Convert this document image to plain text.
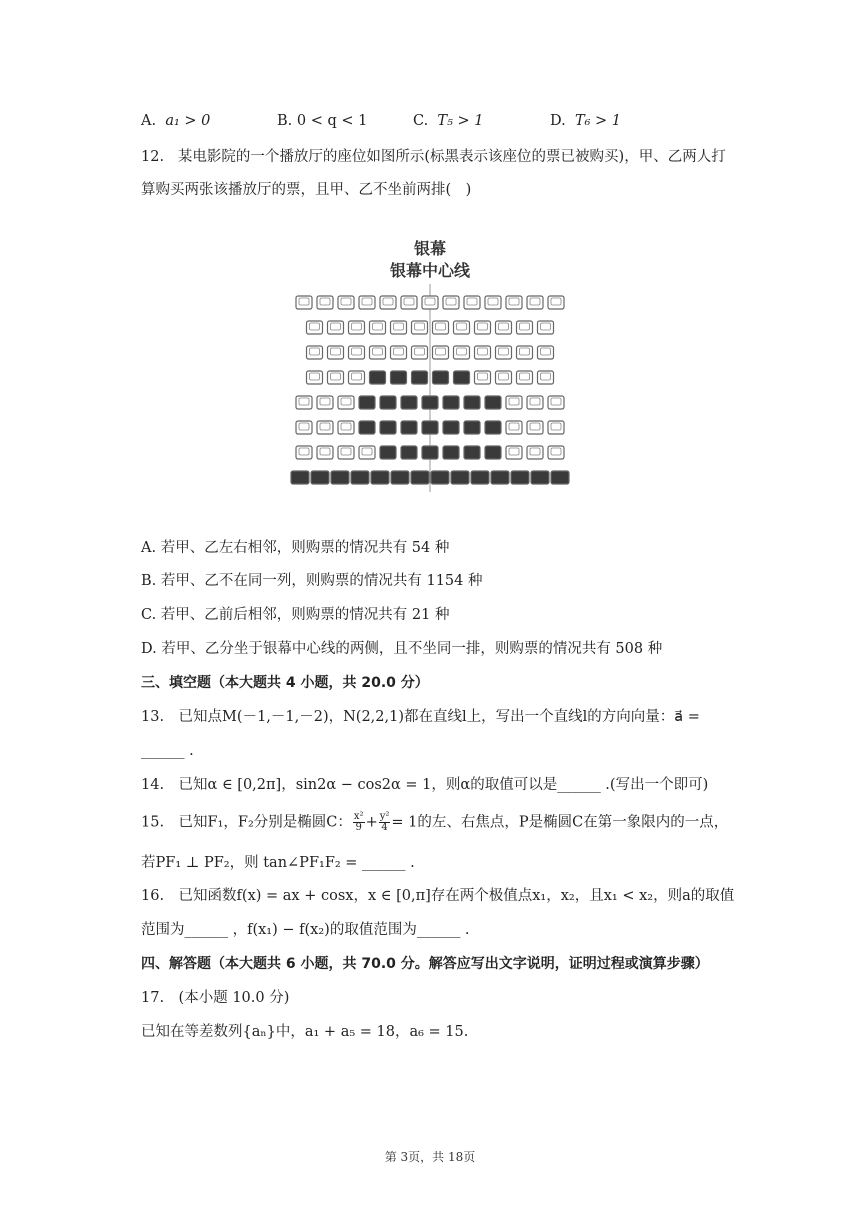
A. a₁ > 0	B. 0 < q < 1	C. T₅ > 1	D. T₆ > 1
12. 某电影院的一个播放厅的座位如图所示(标黑表示该座位的票已被购买)，甲、乙两人打
算购买两张该播放厅的票，且甲、乙不坐前两排(　)
银幕
银幕中心线
A. 若甲、乙左右相邻，则购票的情况共有 54 种
B. 若甲、乙不在同一列，则购票的情况共有 1154 种
C. 若甲、乙前后相邻，则购票的情况共有 21 种
D. 若甲、乙分坐于银幕中心线的两侧，且不坐同一排，则购票的情况共有 508 种
三、填空题（本大题共 4 小题，共 20.0 分）
13.　已知点M(－1,－1,－2)，N(2,2,1)都在直线l上，写出一个直线l的方向向量：a⃗ =
______ .
14.　已知α ∈ [0,2π]，sin2α − cos2α = 1，则α的取值可以是______ .(写出一个即可)
15.　已知F₁，F₂分别是椭圆C： $\frac{\text{x²}}{9} + \frac{\text{y²}}{4} = 1$的左、右焦点，P是椭圆C在第一象限内的一点，
若PF₁ ⊥ PF₂，则 tan∠PF₁F₂ = ______ .
16.　已知函数f(x) = ax + cosx，x ∈ [0,π]存在两个极值点x₁，x₂，且x₁ < x₂，则a的取值
范围为______ ，f(x₁) − f(x₂)的取值范围为______ .
四、解答题（本大题共 6 小题，共 70.0 分。解答应写出文字说明，证明过程或演算步骤）
17.　(本小题 10.0 分)
已知在等差数列{aₙ}中，a₁ + a₅ = 18，a₆ = 15.
第 3页，共 18页
